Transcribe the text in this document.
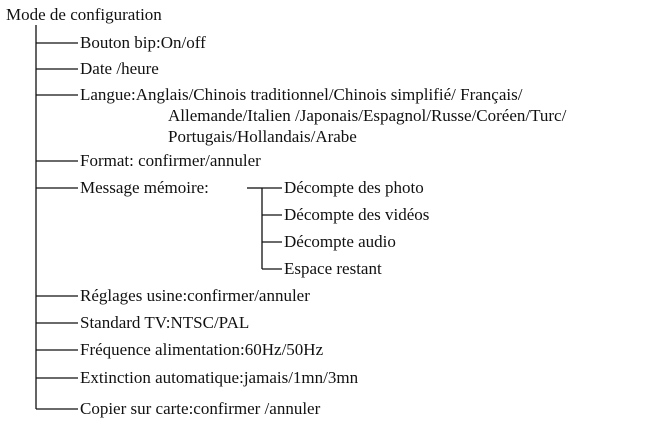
Mode de configuration
Bouton bip:On/off
Date /heure
Langue:Anglais/Chinois traditionnel/Chinois simplifié/ Français/
Allemande/Italien /Japonais/Espagnol/Russe/Coréen/Turc/
Portugais/Hollandais/Arabe
Format: confirmer/annuler
Message mémoire:	Décompte des photo
Décompte des vidéos
Décompte audio
Espace restant
Réglages usine:confirmer/annuler
Standard TV:NTSC/PAL
Fréquence alimentation:60Hz/50Hz
Extinction automatique:jamais/1mn/3mn
Copier sur carte:confirmer /annuler
